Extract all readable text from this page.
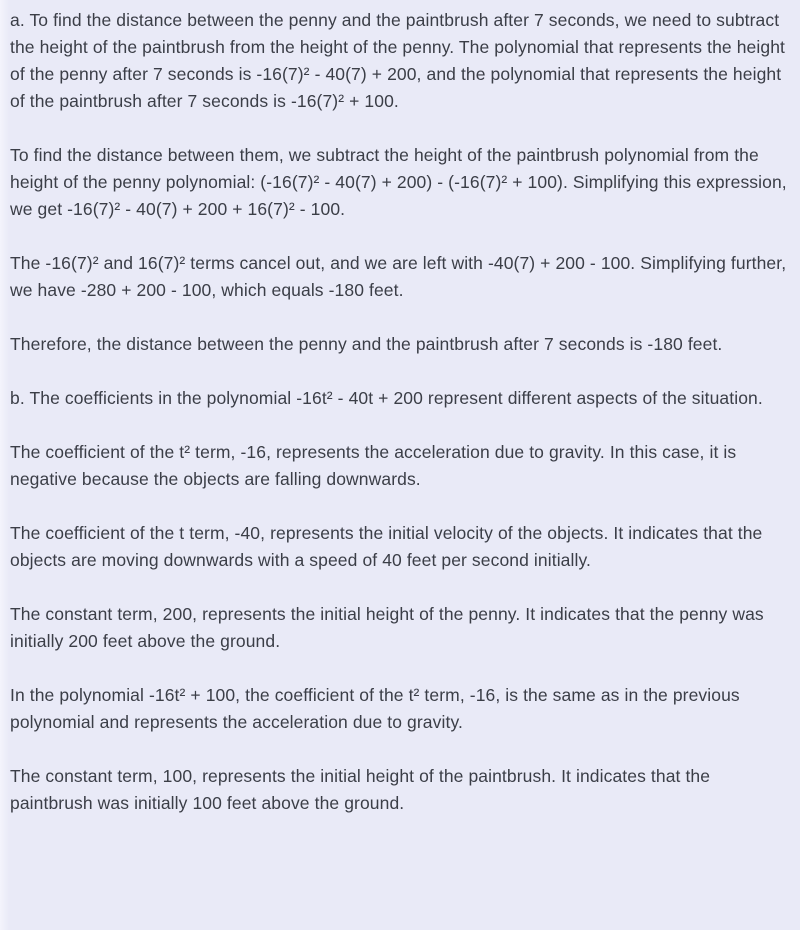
a. To find the distance between the penny and the paintbrush after 7 seconds, we need to subtract the height of the paintbrush from the height of the penny. The polynomial that represents the height of the penny after 7 seconds is -16(7)² - 40(7) + 200, and the polynomial that represents the height of the paintbrush after 7 seconds is -16(7)² + 100.

To find the distance between them, we subtract the height of the paintbrush polynomial from the height of the penny polynomial: (-16(7)² - 40(7) + 200) - (-16(7)² + 100). Simplifying this expression, we get -16(7)² - 40(7) + 200 + 16(7)² - 100.

The -16(7)² and 16(7)² terms cancel out, and we are left with -40(7) + 200 - 100. Simplifying further, we have -280 + 200 - 100, which equals -180 feet.

Therefore, the distance between the penny and the paintbrush after 7 seconds is -180 feet.

b. The coefficients in the polynomial -16t² - 40t + 200 represent different aspects of the situation.

The coefficient of the t² term, -16, represents the acceleration due to gravity. In this case, it is negative because the objects are falling downwards.

The coefficient of the t term, -40, represents the initial velocity of the objects. It indicates that the objects are moving downwards with a speed of 40 feet per second initially.

The constant term, 200, represents the initial height of the penny. It indicates that the penny was initially 200 feet above the ground.

In the polynomial -16t² + 100, the coefficient of the t² term, -16, is the same as in the previous polynomial and represents the acceleration due to gravity.

The constant term, 100, represents the initial height of the paintbrush. It indicates that the paintbrush was initially 100 feet above the ground.
